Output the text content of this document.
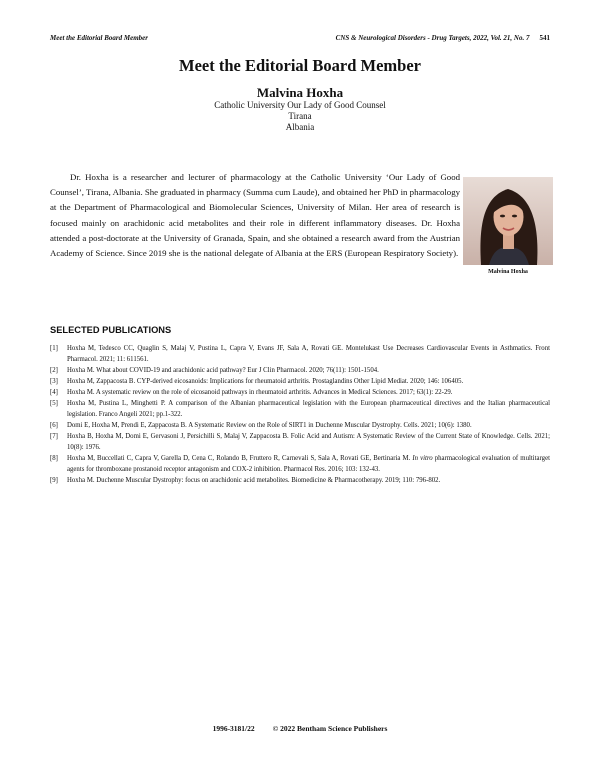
Meet the Editorial Board Member	CNS & Neurological Disorders - Drug Targets, 2022, Vol. 21, No. 7 541
Meet the Editorial Board Member
Malvina Hoxha
Catholic University Our Lady of Good Counsel
Tirana
Albania

Dr. Hoxha is a researcher and lecturer of pharmacology at the Catholic University ‘Our Lady of Good Counsel’, Tirana, Albania. She graduated in pharmacy (Summa cum Laude), and obtained her PhD in pharmacology at the Department of Pharmacological and Biomolecular Sciences, University of Milan. Her area of research is focused mainly on arachidonic acid metabolites and their role in different inflammatory diseases. Dr. Hoxha attended a post-doctorate at the University of Granada, Spain, and she obtained a research award from the Austrian Academy of Science. Since 2019 she is the national delegate of Albania at the ERS (European Respiratory Society).

Malvina Hoxha
SELECTED PUBLICATIONS
[1] Hoxha M, Tedesco CC, Quaglin S, Malaj V, Pustina L, Capra V, Evans JF, Sala A, Rovati GE. Montelukast Use Decreases Cardiovascular Events in Asthmatics. Front Pharmacol. 2021; 11: 611561.
[2] Hoxha M. What about COVID-19 and arachidonic acid pathway? Eur J Clin Pharmacol. 2020; 76(11): 1501-1504.
[3] Hoxha M, Zappacosta B. CYP-derived eicosanoids: Implications for rheumatoid arthritis. Prostaglandins Other Lipid Mediat. 2020; 146: 106405.
[4] Hoxha M. A systematic review on the role of eicosanoid pathways in rheumatoid arthritis. Advances in Medical Sciences. 2017; 63(1): 22-29.
[5] Hoxha M, Pustina L, Minghetti P. A comparison of the Albanian pharmaceutical legislation with the European pharmaceutical directives and the Italian pharmaceutical legislation. Franco Angeli 2021; pp.1-322.
[6] Domi E, Hoxha M, Prendi E, Zappacosta B. A Systematic Review on the Role of SIRT1 in Duchenne Muscular Dystrophy. Cells. 2021; 10(6): 1380.
[7] Hoxha B, Hoxha M, Domi E, Gervasoni J, Persichilli S, Malaj V, Zappacosta B. Folic Acid and Autism: A Systematic Review of the Current State of Knowledge. Cells. 2021; 10(8): 1976.
[8] Hoxha M, Buccellati C, Capra V, Garella D, Cena C, Rolando B, Fruttero R, Carnevali S, Sala A, Rovati GE, Bertinaria M. In vitro pharmacological evaluation of multitarget agents for thromboxane prostanoid receptor antagonism and COX-2 inhibition. Pharmacol Res. 2016; 103: 132-43.
[9] Hoxha M. Duchenne Muscular Dystrophy: focus on arachidonic acid metabolites. Biomedicine & Pharmacotherapy. 2019; 110: 796-802.
1996-3181/22 © 2022 Bentham Science Publishers
